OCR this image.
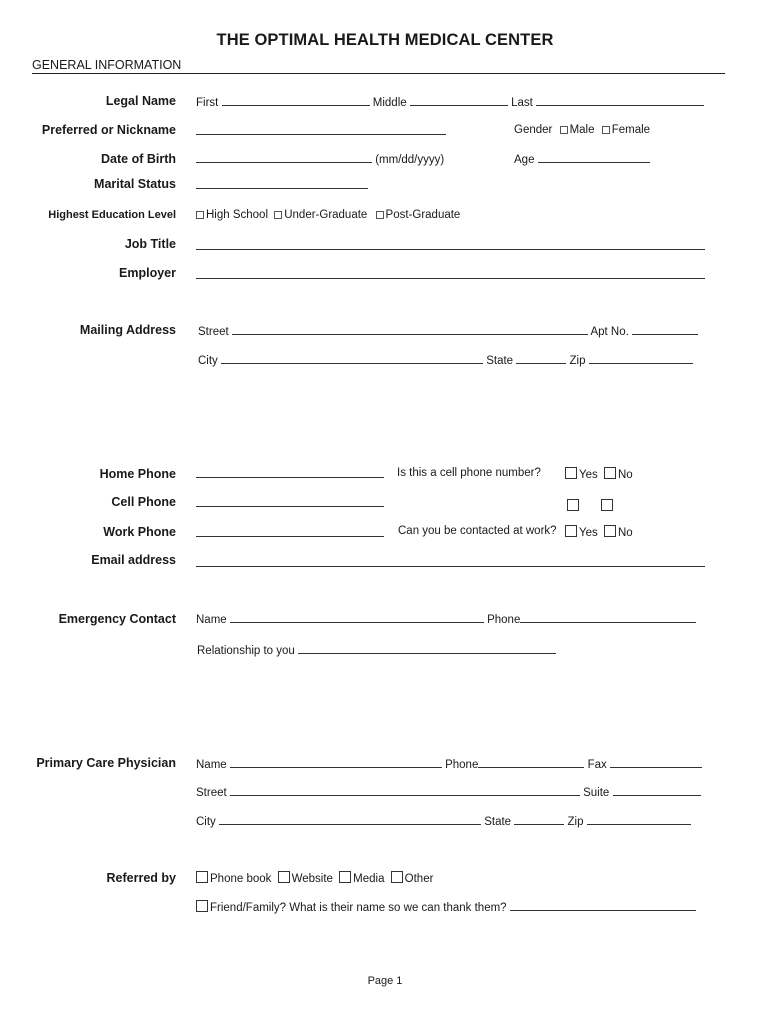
THE OPTIMAL HEALTH MEDICAL CENTER
GENERAL INFORMATION
Legal Name First	Middle	Last
Preferred or Nickname	Gender Male Female
Date of Birth	(mm/dd/yyyy)	Age
Marital Status
Highest Education Level	High School Under-Graduate Post-Graduate
Job Title
Employer
Mailing Address Street	Apt No.
City	State	Zip
Home Phone	Is this a cell phone number?	Yes No
Cell Phone

Work Phone	Can you be contacted at work?	Yes No
Email address
Emergency Contact Name	Phone
Relationship to you
Primary Care Physician Name	Phone	Fax
Street	Suite
City	State	Zip
Referred by	Phone book Website Media Other
Friend/Family? What is their name so we can thank them?
Page 1
